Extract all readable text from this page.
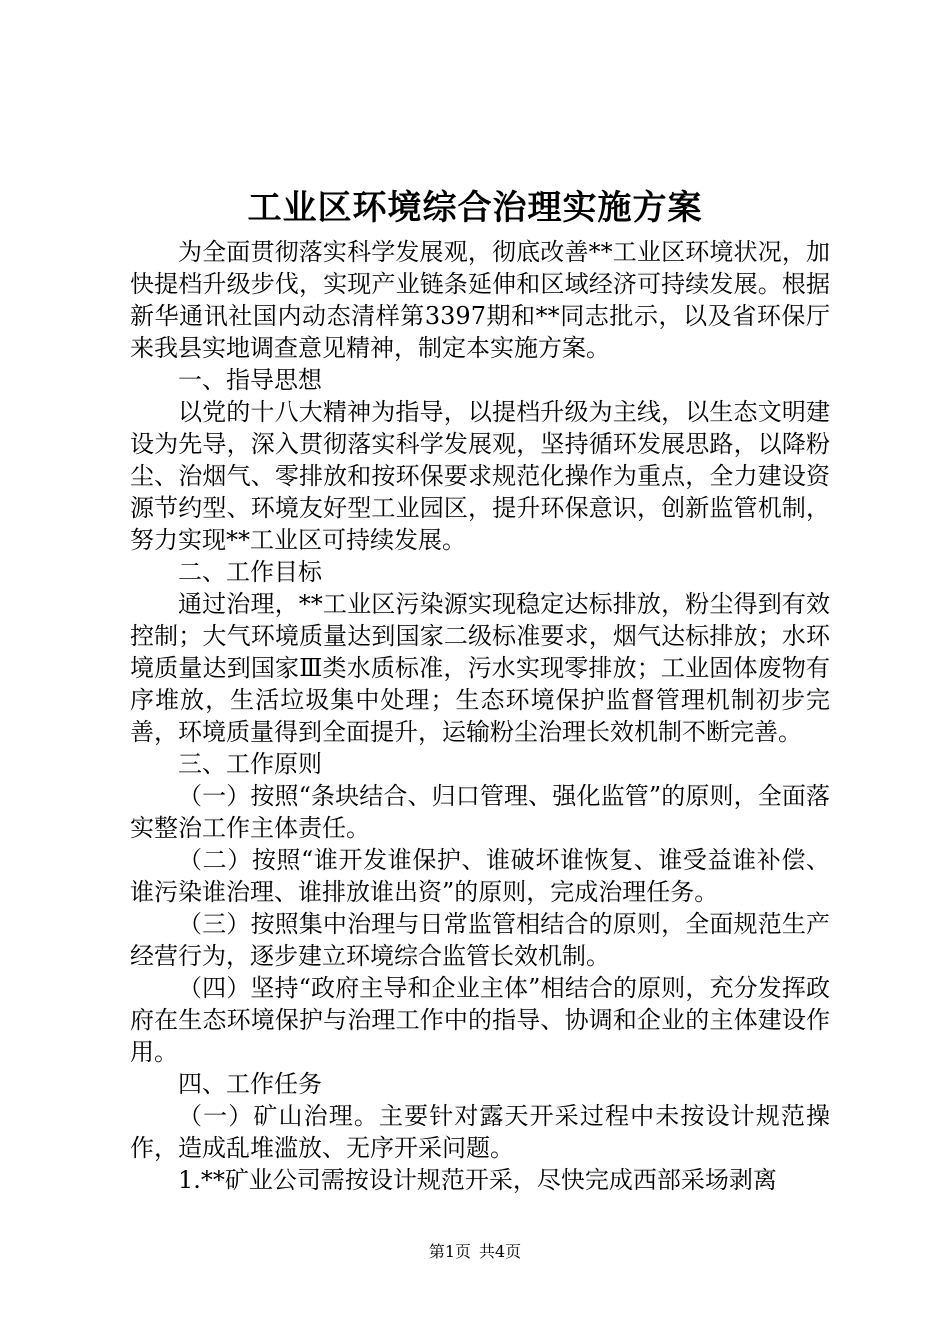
工业区环境综合治理实施方案

为全面贯彻落实科学发展观，彻底改善**工业区环境状况，加快提档升级步伐，实现产业链条延伸和区域经济可持续发展。根据新华通讯社国内动态清样第3397期和**同志批示，以及省环保厅来我县实地调查意见精神，制定本实施方案。

一、指导思想

以党的十八大精神为指导，以提档升级为主线，以生态文明建设为先导，深入贯彻落实科学发展观，坚持循环发展思路，以降粉尘、治烟气、零排放和按环保要求规范化操作为重点，全力建设资源节约型、环境友好型工业园区，提升环保意识，创新监管机制，努力实现**工业区可持续发展。

二、工作目标

通过治理，**工业区污染源实现稳定达标排放，粉尘得到有效控制；大气环境质量达到国家二级标准要求，烟气达标排放；水环境质量达到国家Ⅲ类水质标准，污水实现零排放；工业固体废物有序堆放，生活垃圾集中处理；生态环境保护监督管理机制初步完善，环境质量得到全面提升，运输粉尘治理长效机制不断完善。

三、工作原则

（一）按照“条块结合、归口管理、强化监管”的原则，全面落实整治工作主体责任。

（二）按照“谁开发谁保护、谁破坏谁恢复、谁受益谁补偿、谁污染谁治理、谁排放谁出资”的原则，完成治理任务。

（三）按照集中治理与日常监管相结合的原则，全面规范生产经营行为，逐步建立环境综合监管长效机制。

（四）坚持“政府主导和企业主体”相结合的原则，充分发挥政府在生态环境保护与治理工作中的指导、协调和企业的主体建设作用。

四、工作任务

（一）矿山治理。主要针对露天开采过程中未按设计规范操作，造成乱堆滥放、无序开采问题。

1.**矿业公司需按设计规范开采，尽快完成西部采场剥离

第1页 共4页
